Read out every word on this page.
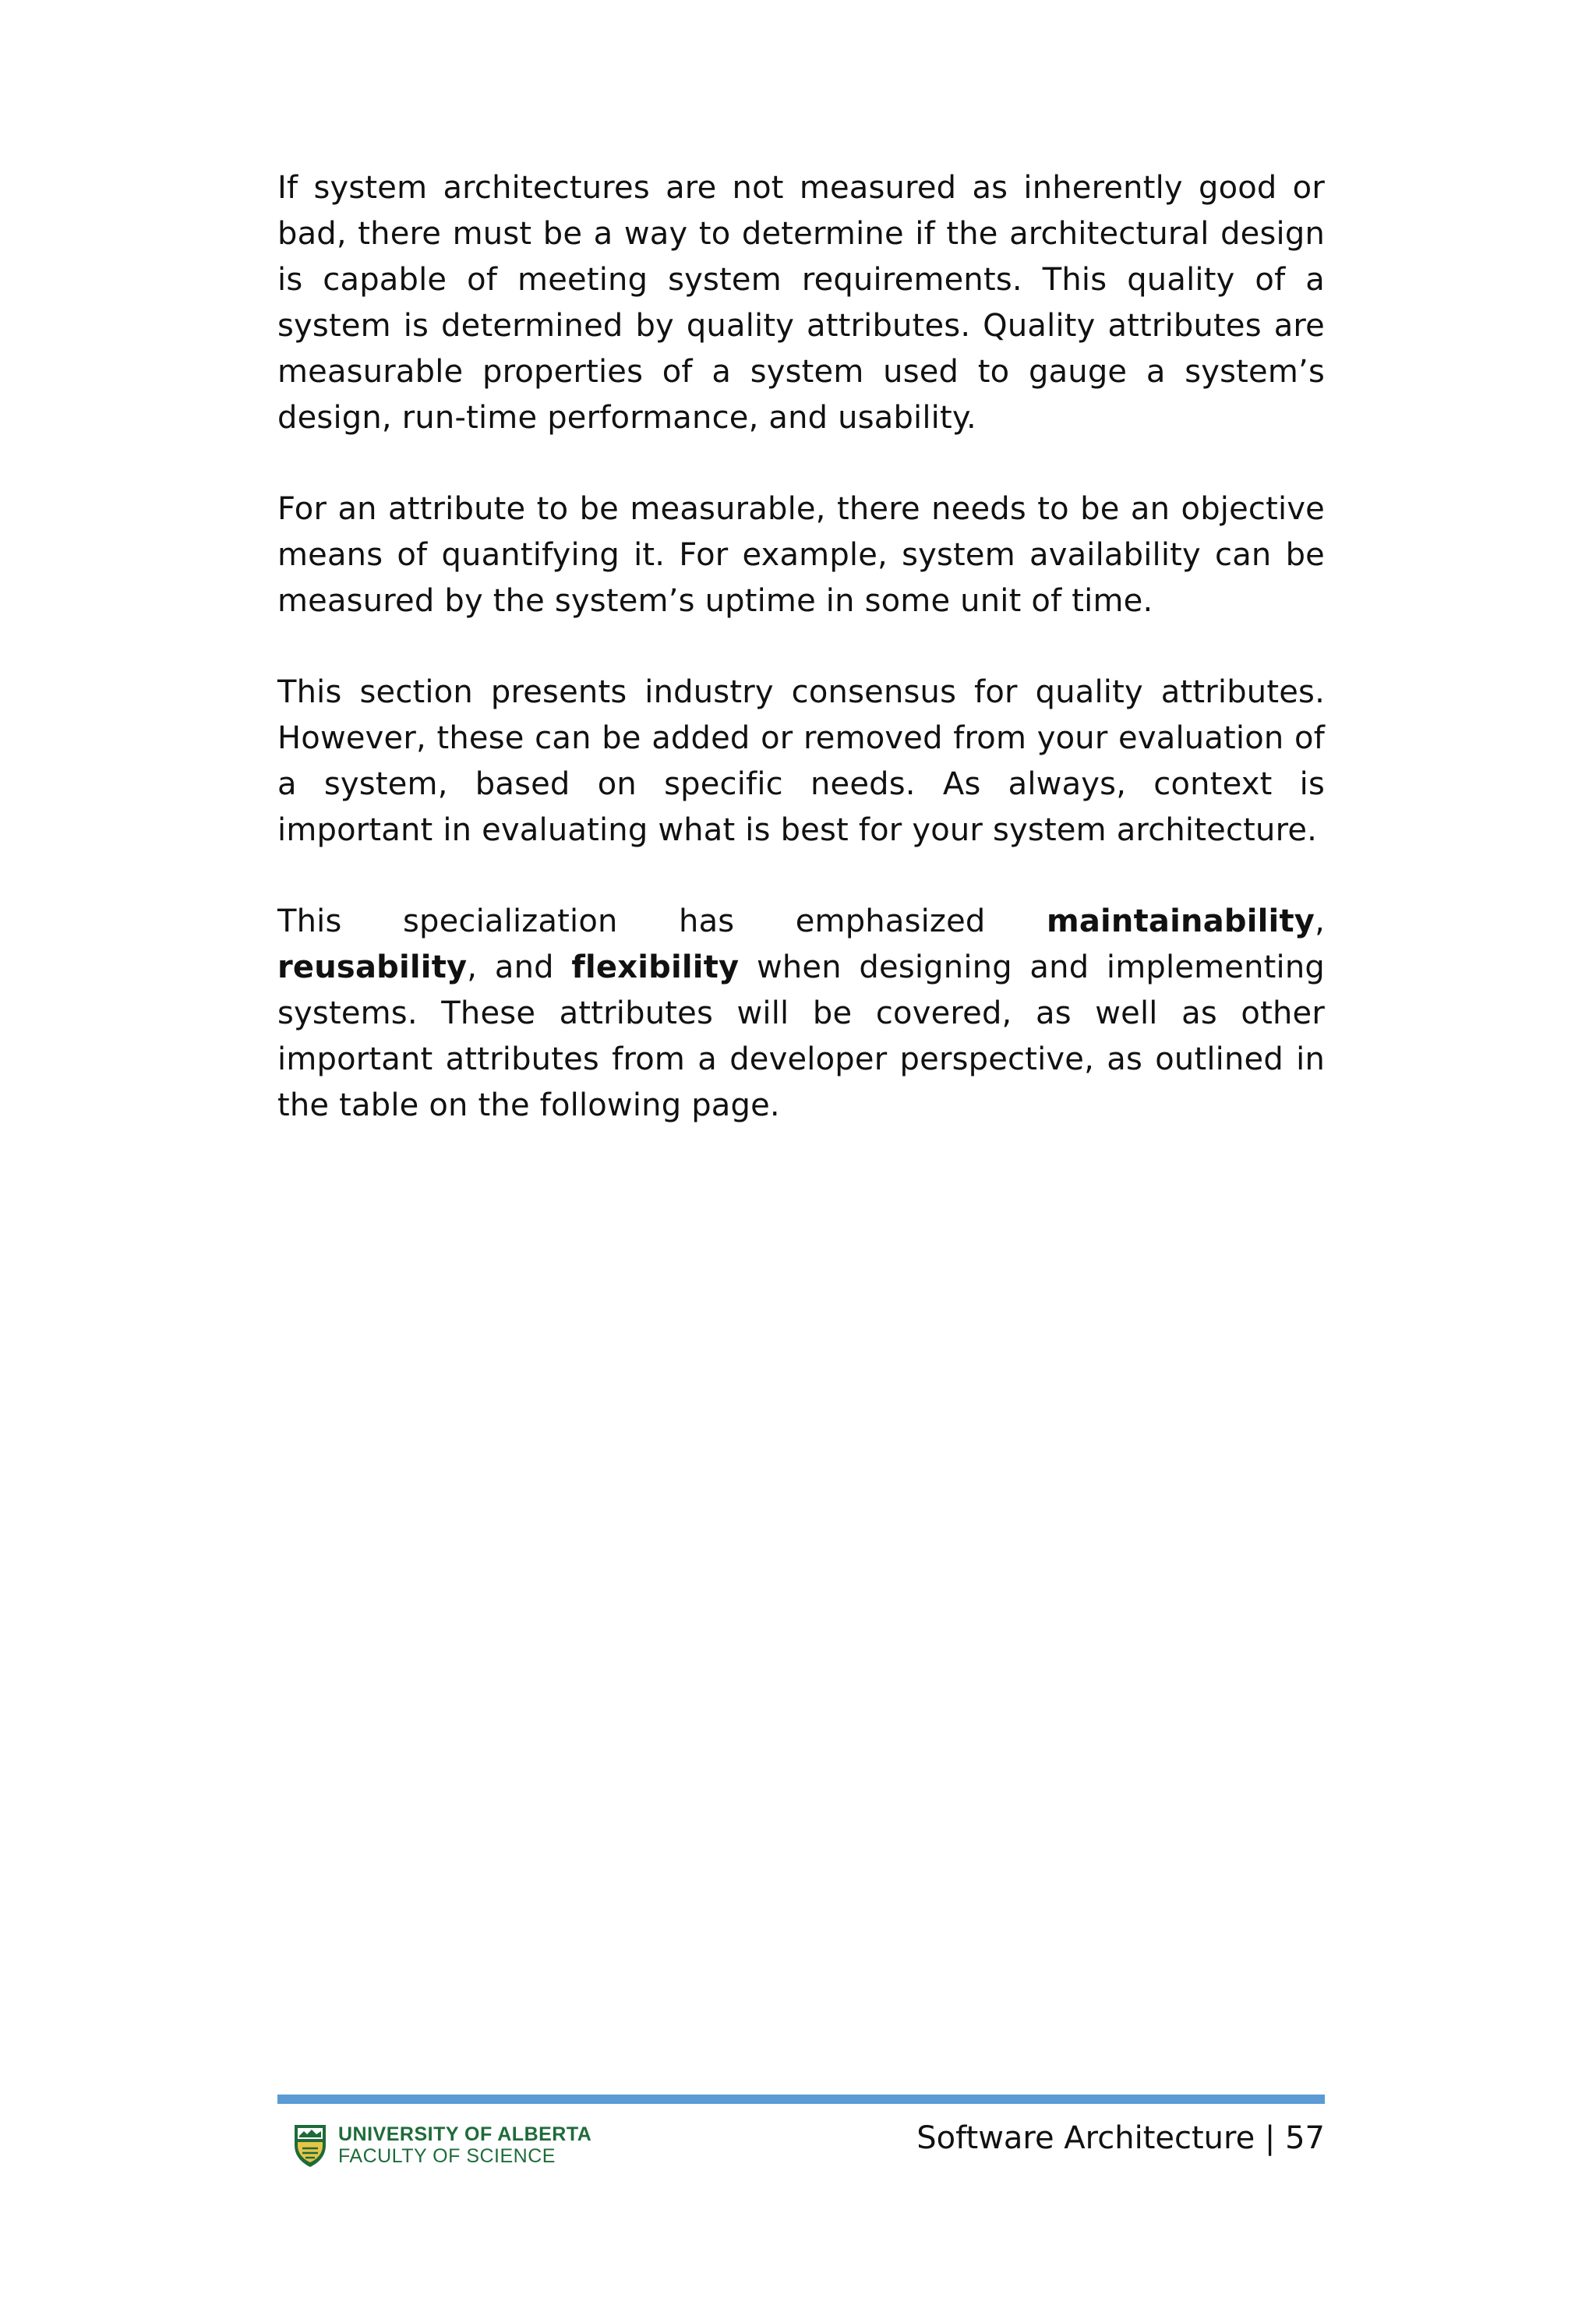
If system architectures are not measured as inherently good or bad, there must be a way to determine if the architectural design is capable of meeting system requirements. This quality of a system is determined by quality attributes. Quality attributes are measurable properties of a system used to gauge a system’s design, run-time performance, and usability.

For an attribute to be measurable, there needs to be an objective means of quantifying it. For example, system availability can be measured by the system’s uptime in some unit of time.

This section presents industry consensus for quality attributes. However, these can be added or removed from your evaluation of a system, based on specific needs. As always, context is important in evaluating what is best for your system architecture.

This specialization has emphasized maintainability, reusability, and flexibility when designing and implementing systems. These attributes will be covered, as well as other important attributes from a developer perspective, as outlined in the table on the following page.

UNIVERSITY OF ALBERTA
FACULTY OF SCIENCE	Software Architecture | 57
